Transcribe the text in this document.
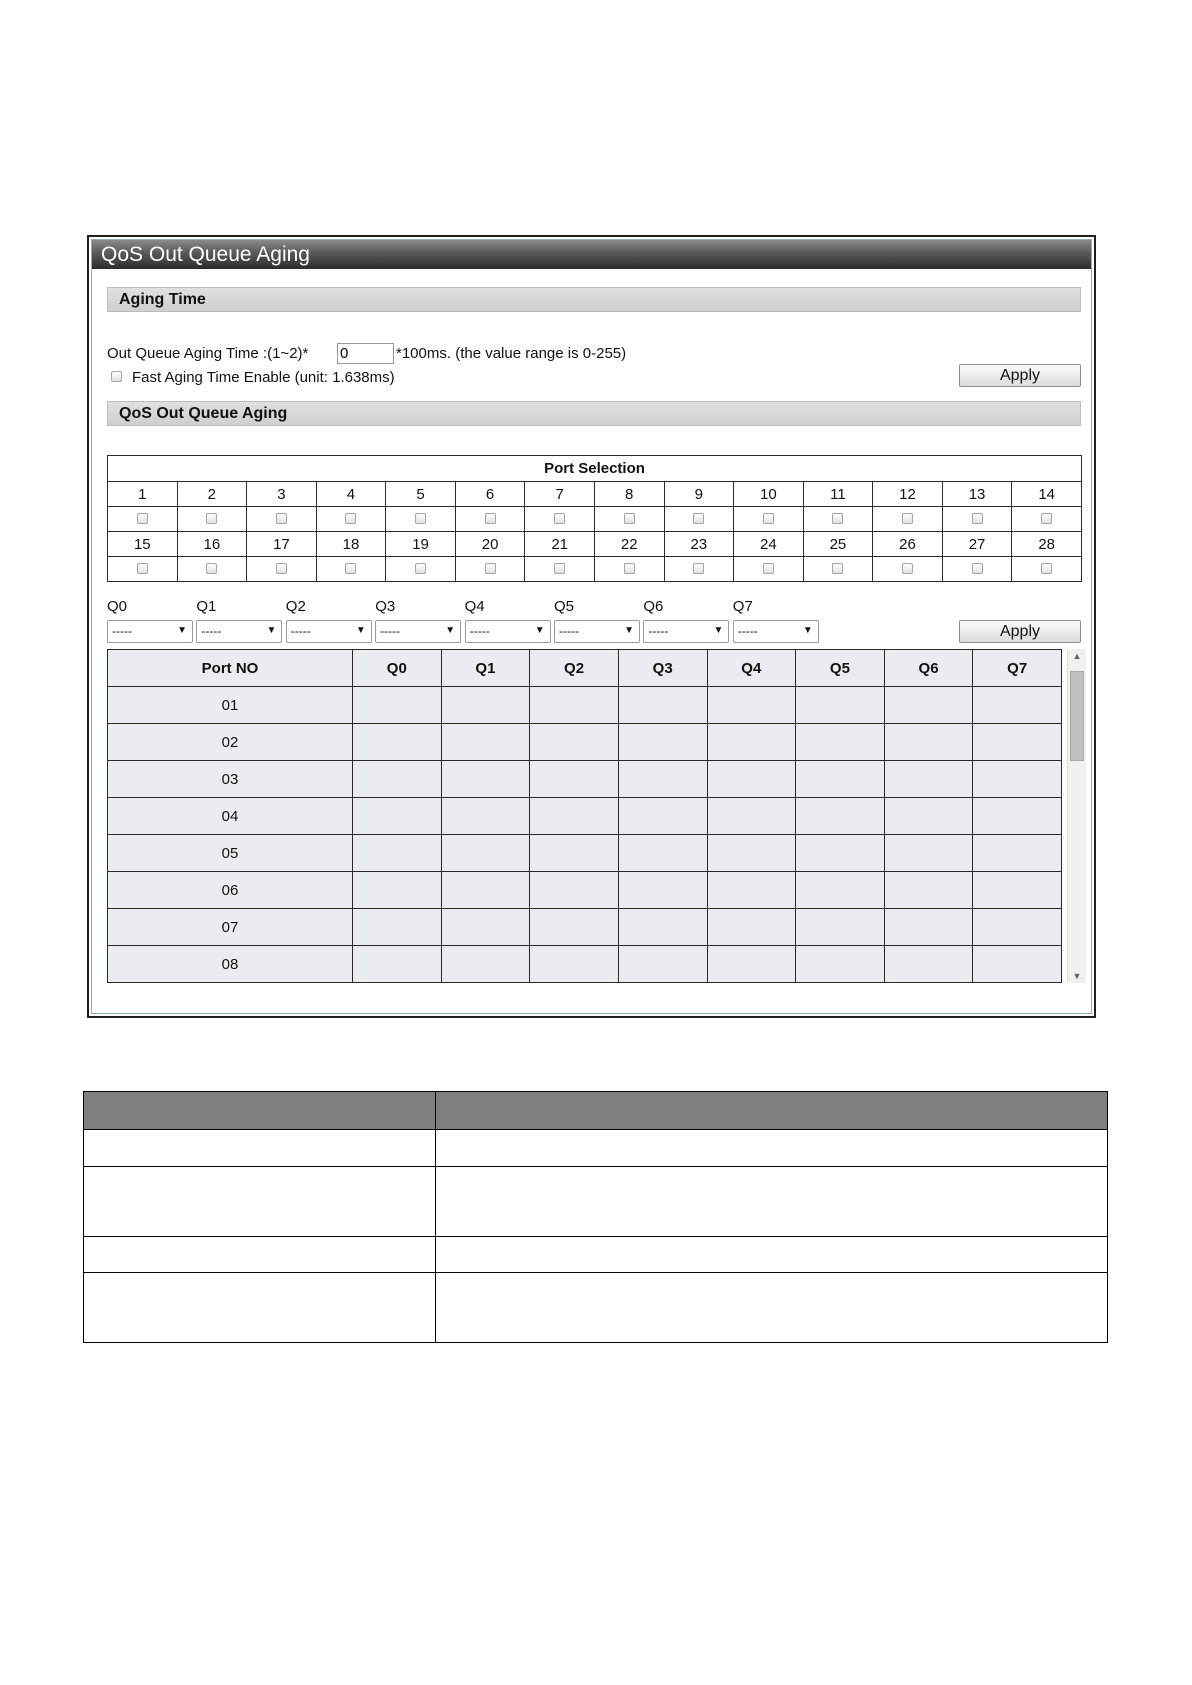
QoS Out Queue Aging
Aging Time
Out Queue Aging Time :(1~2)*
0	*100ms. (the value range is 0-255)
Fast Aging Time Enable (unit: 1.638ms)	Apply
QoS Out Queue Aging
Port Selection													
1	2	3	4	5	6	7	8	9	10	11	12	13	14

15	16	17	18	19	20	21	22	23	24	25	26	27	28

Q0
-----	▼
Q1
-----	▼
Q2
-----	▼
Q3
-----	▼
Q4
-----	▼
Q5
-----	▼
Q6
-----	▼
Q7
-----	▼	Apply
Port NO	Q0	Q1	Q2	Q3	Q4	Q5	Q6	Q7
01								
02								
03								
04								
05								
06								
07								
08								
▲
▼
